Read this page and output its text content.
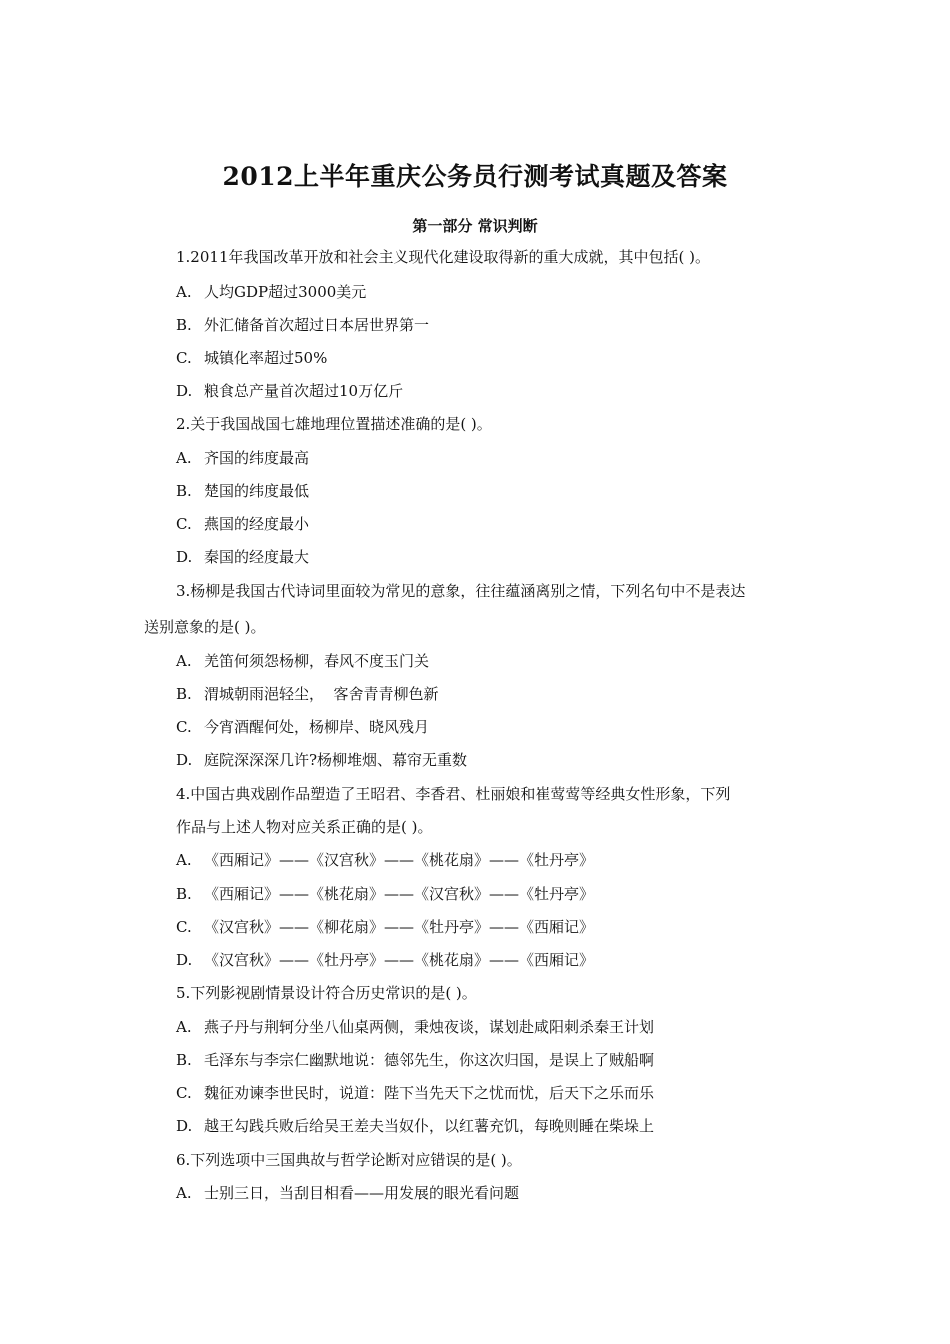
2012上半年重庆公务员行测考试真题及答案
第一部分 常识判断
1.2011年我国改革开放和社会主义现代化建设取得新的重大成就，其中包括( )。
A. 人均GDP超过3000美元
B. 外汇储备首次超过日本居世界第一
C. 城镇化率超过50%
D. 粮食总产量首次超过10万亿斤
2.关于我国战国七雄地理位置描述准确的是( )。
A. 齐国的纬度最高
B. 楚国的纬度最低
C. 燕国的经度最小
D. 秦国的经度最大
3.杨柳是我国古代诗词里面较为常见的意象，往往蕴涵离别之情，下列名句中不是表达
送别意象的是( )。
A. 羌笛何须怨杨柳，春风不度玉门关
B. 渭城朝雨浥轻尘，  客舍青青柳色新
C. 今宵酒醒何处，杨柳岸、晓风残月
D. 庭院深深深几许?杨柳堆烟、幕帘无重数
4.中国古典戏剧作品塑造了王昭君、李香君、杜丽娘和崔莺莺等经典女性形象，下列
作品与上述人物对应关系正确的是( )。
A. 《西厢记》——《汉宫秋》——《桃花扇》——《牡丹亭》
B. 《西厢记》——《桃花扇》——《汉宫秋》——《牡丹亭》
C. 《汉宫秋》——《柳花扇》——《牡丹亭》——《西厢记》
D. 《汉宫秋》——《牡丹亭》——《桃花扇》——《西厢记》
5.下列影视剧情景设计符合历史常识的是( )。
A. 燕子丹与荆轲分坐八仙桌两侧，秉烛夜谈，谋划赴咸阳刺杀秦王计划
B. 毛泽东与李宗仁幽默地说：德邻先生，你这次归国，是误上了贼船啊
C. 魏征劝谏李世民时，说道：陛下当先天下之忧而忧，后天下之乐而乐
D. 越王勾践兵败后给吴王差夫当奴仆，以红薯充饥，每晚则睡在柴垛上
6.下列选项中三国典故与哲学论断对应错误的是( )。
A. 士别三日，当刮目相看——用发展的眼光看问题
